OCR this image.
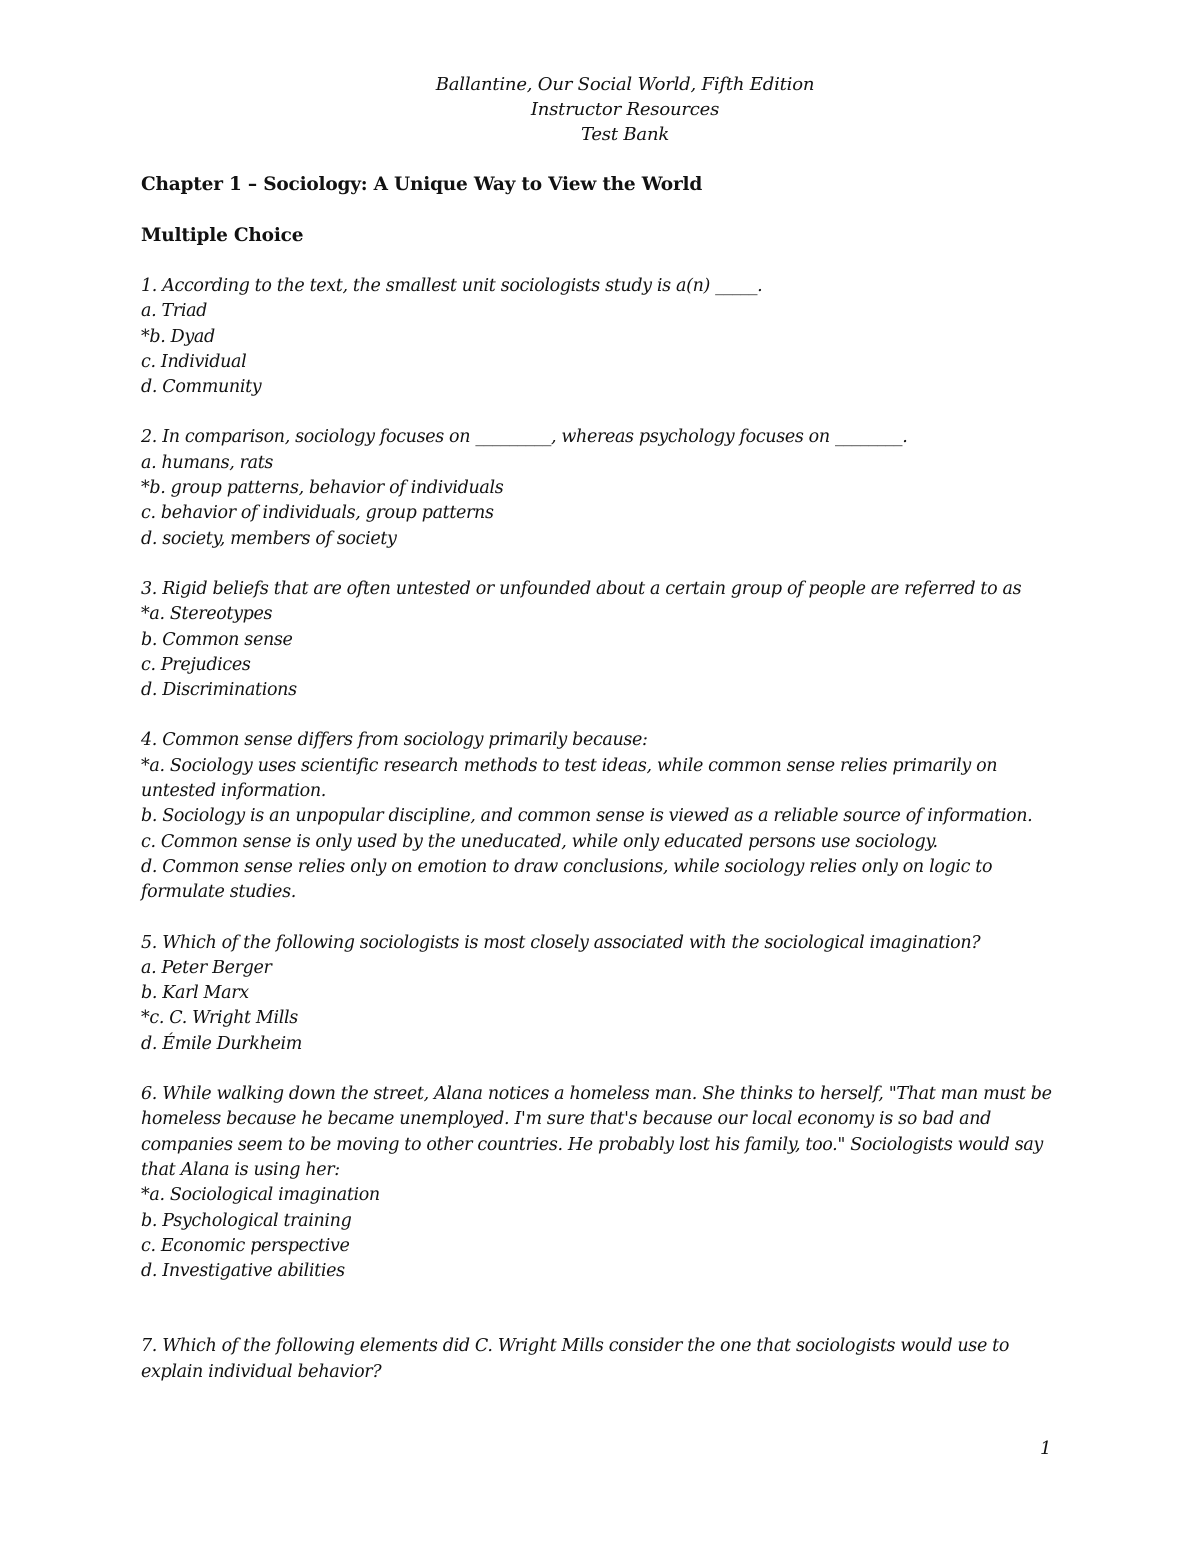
Ballantine, Our Social World, Fifth Edition
Instructor Resources
Test Bank
Chapter 1 – Sociology: A Unique Way to View the World
Multiple Choice
1. According to the text, the smallest unit sociologists study is a(n) _____.
a. Triad
*b. Dyad
c. Individual
d. Community
2. In comparison, sociology focuses on _________, whereas psychology focuses on ________.
a. humans, rats
*b. group patterns, behavior of individuals
c. behavior of individuals, group patterns
d. society, members of society
3. Rigid beliefs that are often untested or unfounded about a certain group of people are referred to as
*a. Stereotypes
b. Common sense
c. Prejudices
d. Discriminations
4. Common sense differs from sociology primarily because:
*a. Sociology uses scientific research methods to test ideas, while common sense relies primarily on untested information.
b. Sociology is an unpopular discipline, and common sense is viewed as a reliable source of information.
c. Common sense is only used by the uneducated, while only educated persons use sociology.
d. Common sense relies only on emotion to draw conclusions, while sociology relies only on logic to formulate studies.
5. Which of the following sociologists is most closely associated with the sociological imagination?
a. Peter Berger
b. Karl Marx
*c. C. Wright Mills
d. Émile Durkheim
6. While walking down the street, Alana notices a homeless man. She thinks to herself, "That man must be homeless because he became unemployed. I'm sure that's because our local economy is so bad and companies seem to be moving to other countries. He probably lost his family, too." Sociologists would say that Alana is using her:
*a. Sociological imagination
b. Psychological training
c. Economic perspective
d. Investigative abilities
7. Which of the following elements did C. Wright Mills consider the one that sociologists would use to explain individual behavior?
1
